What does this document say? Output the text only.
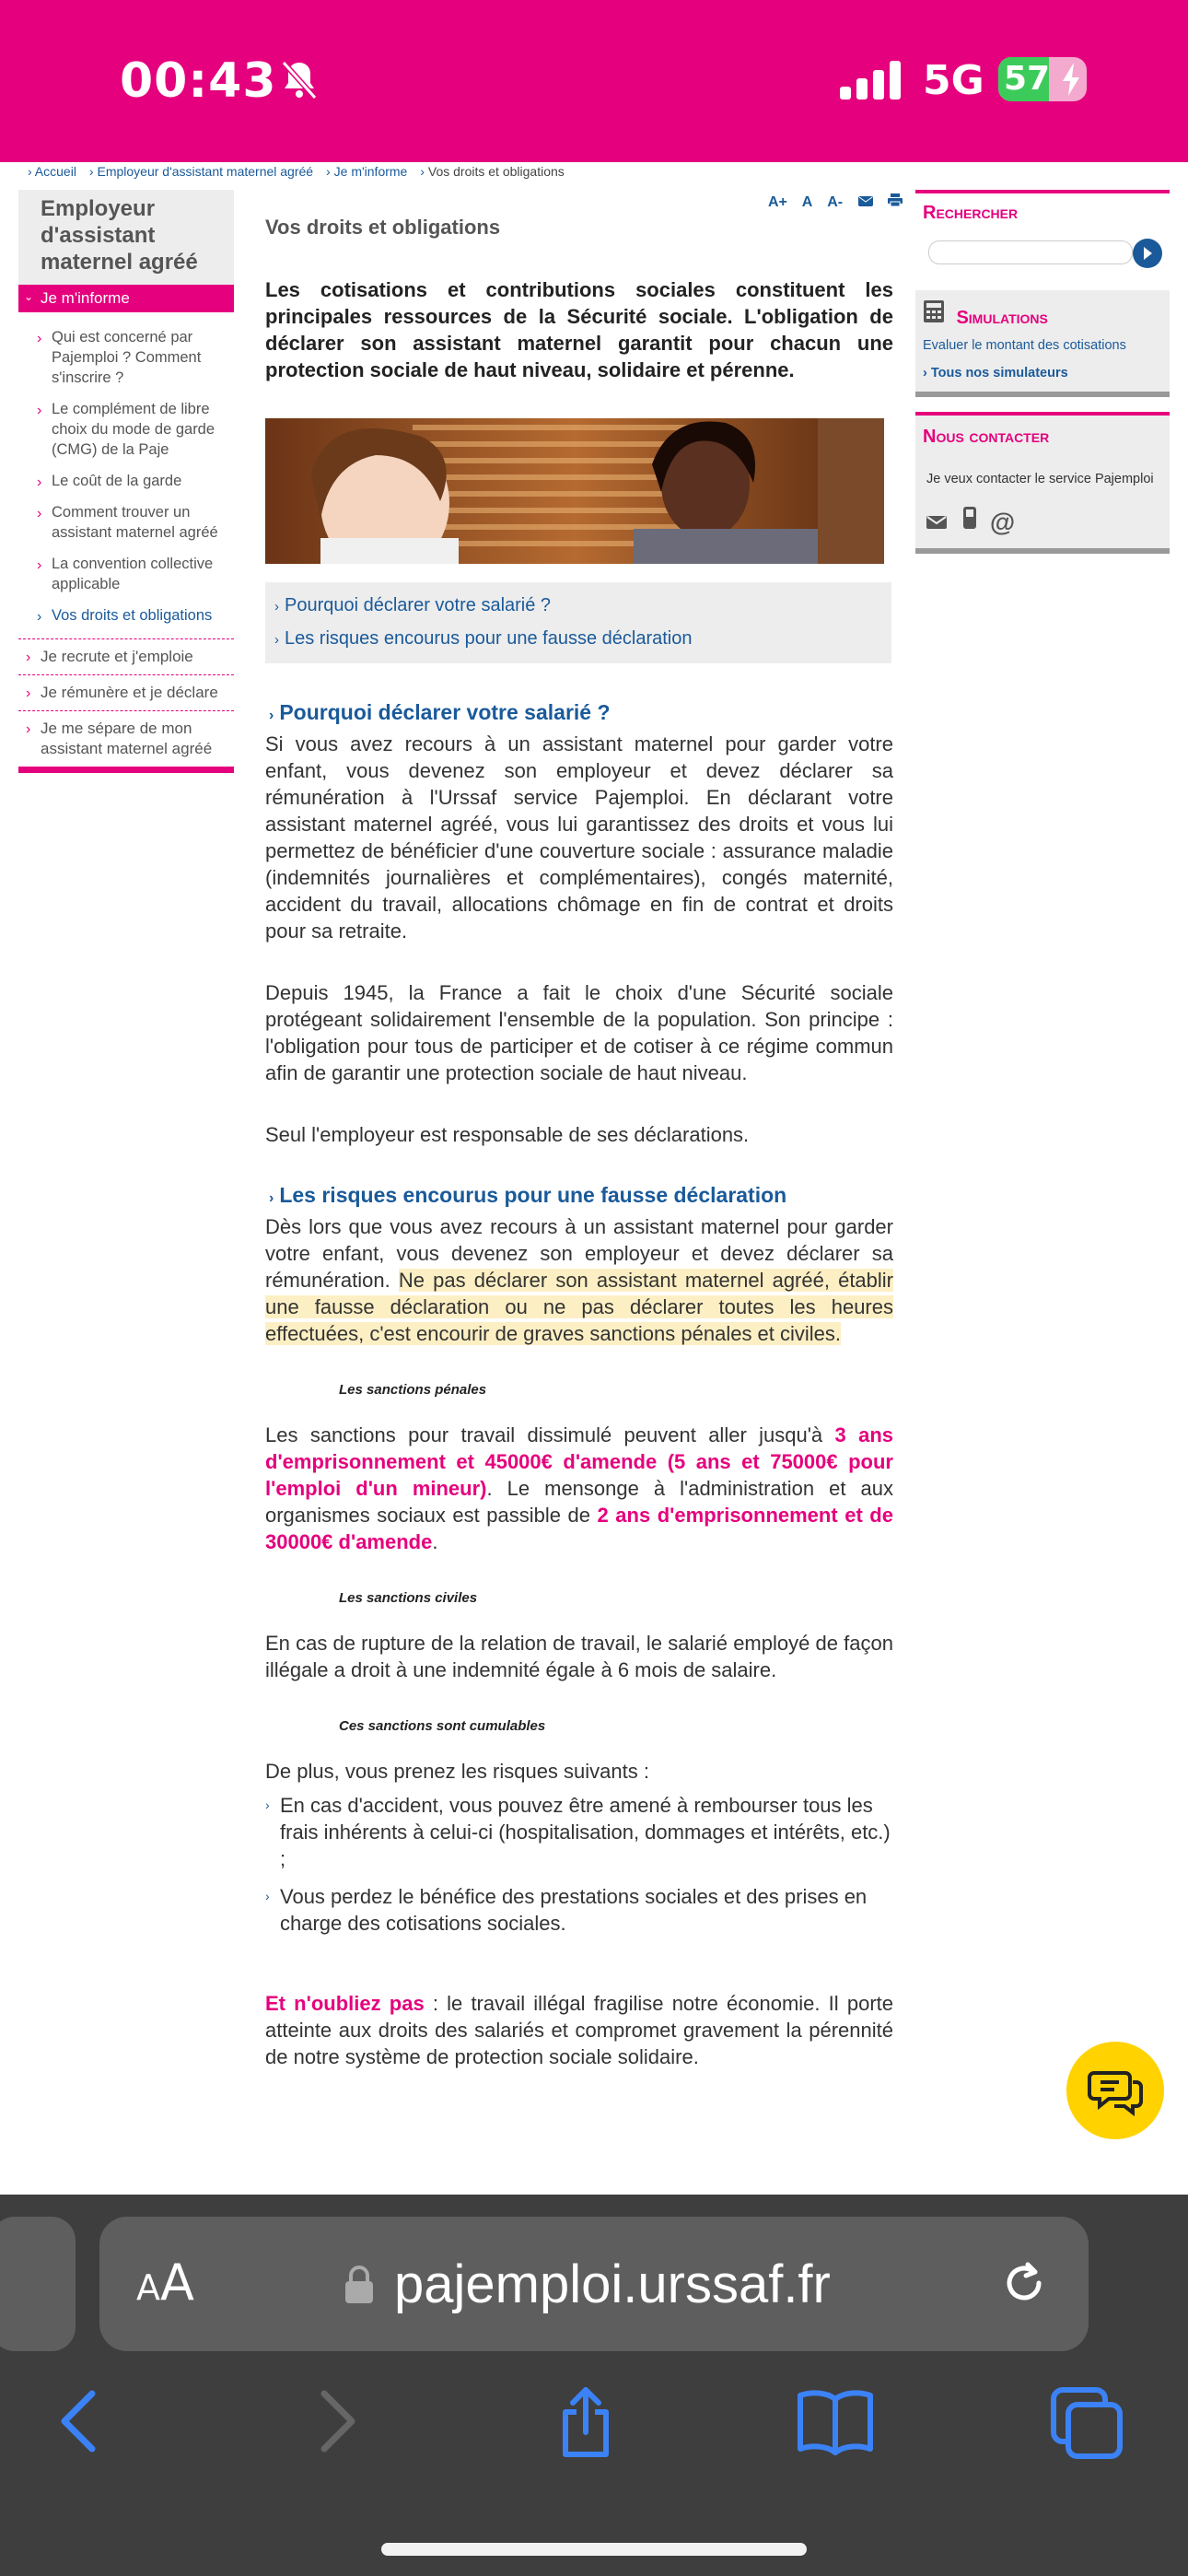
00:43	5G 57
› Accueil › Employeur d'assistant maternel agréé › Je m'informe › Vos droits et obligations
Employeur d'assistant maternel agréé
⌄ Je m'informe
› Qui est concerné par Pajemploi ? Comment s'inscrire ?
› Le complément de libre choix du mode de garde (CMG) de la Paje
› Le coût de la garde
› Comment trouver un assistant maternel agréé
› La convention collective applicable
› Vos droits et obligations
› Je recrute et j'emploie
› Je rémunère et je déclare
› Je me sépare de mon assistant maternel agréé
A+ A A-
Vos droits et obligations
Les cotisations et contributions sociales constituent les principales ressources de la Sécurité sociale. L'obligation de déclarer son assistant maternel garantit pour chacun une protection sociale de haut niveau, solidaire et pérenne.
› Pourquoi déclarer votre salarié ?
› Les risques encourus pour une fausse déclaration
› Pourquoi déclarer votre salarié ?

Si vous avez recours à un assistant maternel pour garder votre enfant, vous devenez son employeur et devez déclarer sa rémunération à l'Urssaf service Pajemploi. En déclarant votre assistant maternel agréé, vous lui garantissez des droits et vous lui permettez de bénéficier d'une couverture sociale : assurance maladie (indemnités journalières et complémentaires), congés maternité, accident du travail, allocations chômage en fin de contrat et droits pour sa retraite.

Depuis 1945, la France a fait le choix d'une Sécurité sociale protégeant solidairement l'ensemble de la population. Son principe : l'obligation pour tous de participer et de cotiser à ce régime commun afin de garantir une protection sociale de haut niveau.

Seul l'employeur est responsable de ses déclarations.

› Les risques encourus pour une fausse déclaration

Dès lors que vous avez recours à un assistant maternel pour garder votre enfant, vous devenez son employeur et devez déclarer sa rémunération. Ne pas déclarer son assistant maternel agréé, établir une fausse déclaration ou ne pas déclarer toutes les heures effectuées, c'est encourir de graves sanctions pénales et civiles.

Les sanctions pénales

Les sanctions pour travail dissimulé peuvent aller jusqu'à 3 ans d'emprisonnement et 45000€ d'amende (5 ans et 75000€ pour l'emploi d'un mineur). Le mensonge à l'administration et aux organismes sociaux est passible de 2 ans d'emprisonnement et de 30000€ d'amende.

Les sanctions civiles

En cas de rupture de la relation de travail, le salarié employé de façon illégale a droit à une indemnité égale à 6 mois de salaire.

Ces sanctions sont cumulables

De plus, vous prenez les risques suivants :

› En cas d'accident, vous pouvez être amené à rembourser tous les frais inhérents à celui-ci (hospitalisation, dommages et intérêts, etc.) ;
› Vous perdez le bénéfice des prestations sociales et des prises en charge des cotisations sociales.

Et n'oubliez pas : le travail illégal fragilise notre économie. Il porte atteinte aux droits des salariés et compromet gravement la pérennité de notre système de protection sociale solidaire.

Rechercher
Simulations
Evaluer le montant des cotisations
› Tous nos simulateurs
Nous contacter
Je veux contacter le service Pajemploi
@
AA	pajemploi.urssaf.fr
